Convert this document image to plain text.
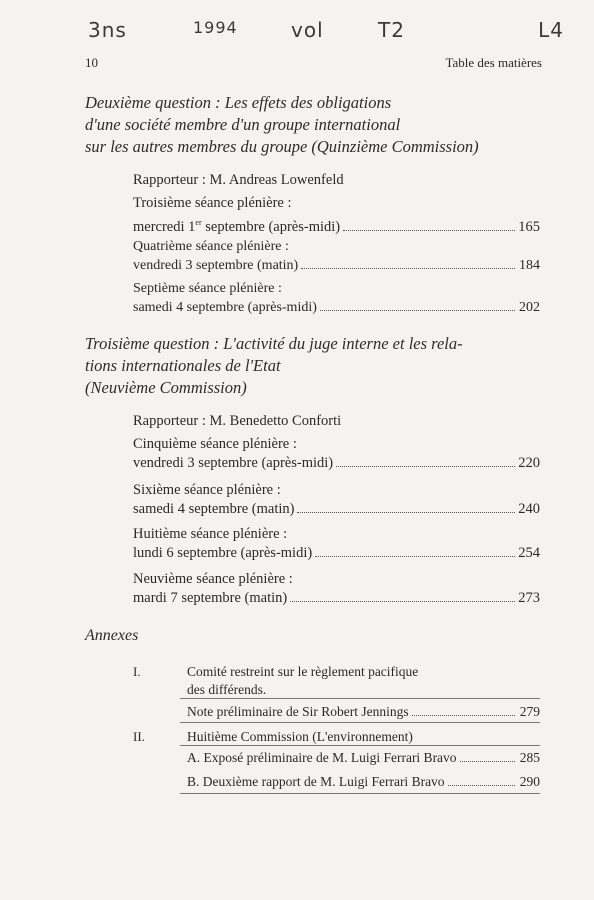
3ns	1994	vol	T2	L4
10	Table des matières
Deuxième question : Les effets des obligations
d'une société membre d'un groupe international
sur les autres membres du groupe (Quinzième Commission)
Rapporteur : M. Andreas Lowenfeld
Troisième séance plénière :
mercredi 1er septembre (après-midi)	165
Quatrième séance plénière :
vendredi 3 septembre (matin)	184
Septième séance plénière :
samedi 4 septembre (après-midi)	202
Troisième question : L'activité du juge interne et les rela-
tions internationales de l'Etat
(Neuvième Commission)
Rapporteur : M. Benedetto Conforti
Cinquième séance plénière :
vendredi 3 septembre (après-midi)	220
Sixième séance plénière :
samedi 4 septembre (matin)	240
Huitième séance plénière :
lundi 6 septembre (après-midi)	254
Neuvième séance plénière :
mardi 7 septembre (matin)	273
Annexes
I.	Comité restreint sur le règlement pacifique
des différends.
Note préliminaire de Sir Robert Jennings	279
II.	Huitième Commission (L'environnement)
A. Exposé préliminaire de M. Luigi Ferrari Bravo	285
B. Deuxième rapport de M. Luigi Ferrari Bravo	290
